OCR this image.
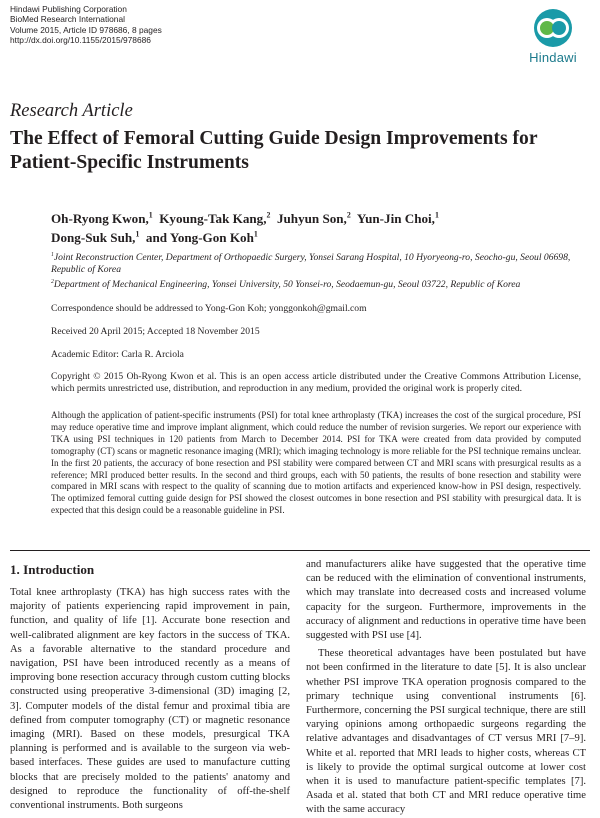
Hindawi Publishing Corporation
BioMed Research International
Volume 2015, Article ID 978686, 8 pages
http://dx.doi.org/10.1155/2015/978686
Hindawi
Research Article
The Effect of Femoral Cutting Guide Design Improvements for Patient-Specific Instruments
Oh-Ryong Kwon,$^1$ Kyoung-Tak Kang,$^2$ Juhyun Son,$^2$ Yun-Jin Choi,$^1$
Dong-Suk Suh,$^1$ and Yong-Gon Koh$^1$

$^1$Joint Reconstruction Center, Department of Orthopaedic Surgery, Yonsei Sarang Hospital, 10 Hyoryeong-ro, Seocho-gu, Seoul 06698, Republic of Korea

$^2$Department of Mechanical Engineering, Yonsei University, 50 Yonsei-ro, Seodaemun-gu, Seoul 03722, Republic of Korea

Correspondence should be addressed to Yong-Gon Koh; yonggonkoh@gmail.com
Received 20 April 2015; Accepted 18 November 2015
Academic Editor: Carla R. Arciola
Copyright © 2015 Oh-Ryong Kwon et al. This is an open access article distributed under the Creative Commons Attribution License, which permits unrestricted use, distribution, and reproduction in any medium, provided the original work is properly cited.
Although the application of patient-specific instruments (PSI) for total knee arthroplasty (TKA) increases the cost of the surgical procedure, PSI may reduce operative time and improve implant alignment, which could reduce the number of revision surgeries. We report our experience with TKA using PSI techniques in 120 patients from March to December 2014. PSI for TKA were created from data provided by computed tomography (CT) scans or magnetic resonance imaging (MRI); which imaging technology is more reliable for the PSI technique remains unclear. In the first 20 patients, the accuracy of bone resection and PSI stability were compared between CT and MRI scans with presurgical results as a reference; MRI produced better results. In the second and third groups, each with 50 patients, the results of bone resection and stability were compared in MRI scans with respect to the quality of scanning due to motion artifacts and experienced know-how in PSI design, respectively. The optimized femoral cutting guide design for PSI showed the closest outcomes in bone resection and PSI stability with presurgical data. It is expected that this design could be a reasonable guideline in PSI.
1. Introduction

Total knee arthroplasty (TKA) has high success rates with the majority of patients experiencing rapid improvement in pain, function, and quality of life [1]. Accurate bone resection and well-calibrated alignment are key factors in the success of TKA. As a favorable alternative to the standard procedure and navigation, PSI have been introduced recently as a means of improving bone resection accuracy through custom cutting blocks constructed using preoperative 3-dimensional (3D) imaging [2, 3]. Computer models of the distal femur and proximal tibia are defined from computer tomography (CT) or magnetic resonance imaging (MRI). Based on these models, presurgical TKA planning is performed and is available to the surgeon via web-based interfaces. These guides are used to manufacture cutting blocks that are precisely molded to the patients' anatomy and designed to reproduce the functionality of off-the-shelf conventional instruments. Both surgeons

and manufacturers alike have suggested that the operative time can be reduced with the elimination of conventional instruments, which may translate into decreased costs and increased volume capacity for the surgeon. Furthermore, improvements in the accuracy of alignment and reductions in operative time have been suggested with PSI use [4].

These theoretical advantages have been postulated but have not been confirmed in the literature to date [5]. It is also unclear whether PSI improve TKA operation prognosis compared to the primary technique using conventional instruments [6]. Furthermore, concerning the PSI surgical technique, there are still varying opinions among orthopaedic surgeons regarding the relative advantages and disadvantages of CT versus MRI [7–9]. White et al. reported that MRI leads to higher costs, whereas CT is likely to provide the optimal surgical outcome at lower cost when it is used to manufacture patient-specific templates [7]. Asada et al. stated that both CT and MRI reduce operative time with the same accuracy
